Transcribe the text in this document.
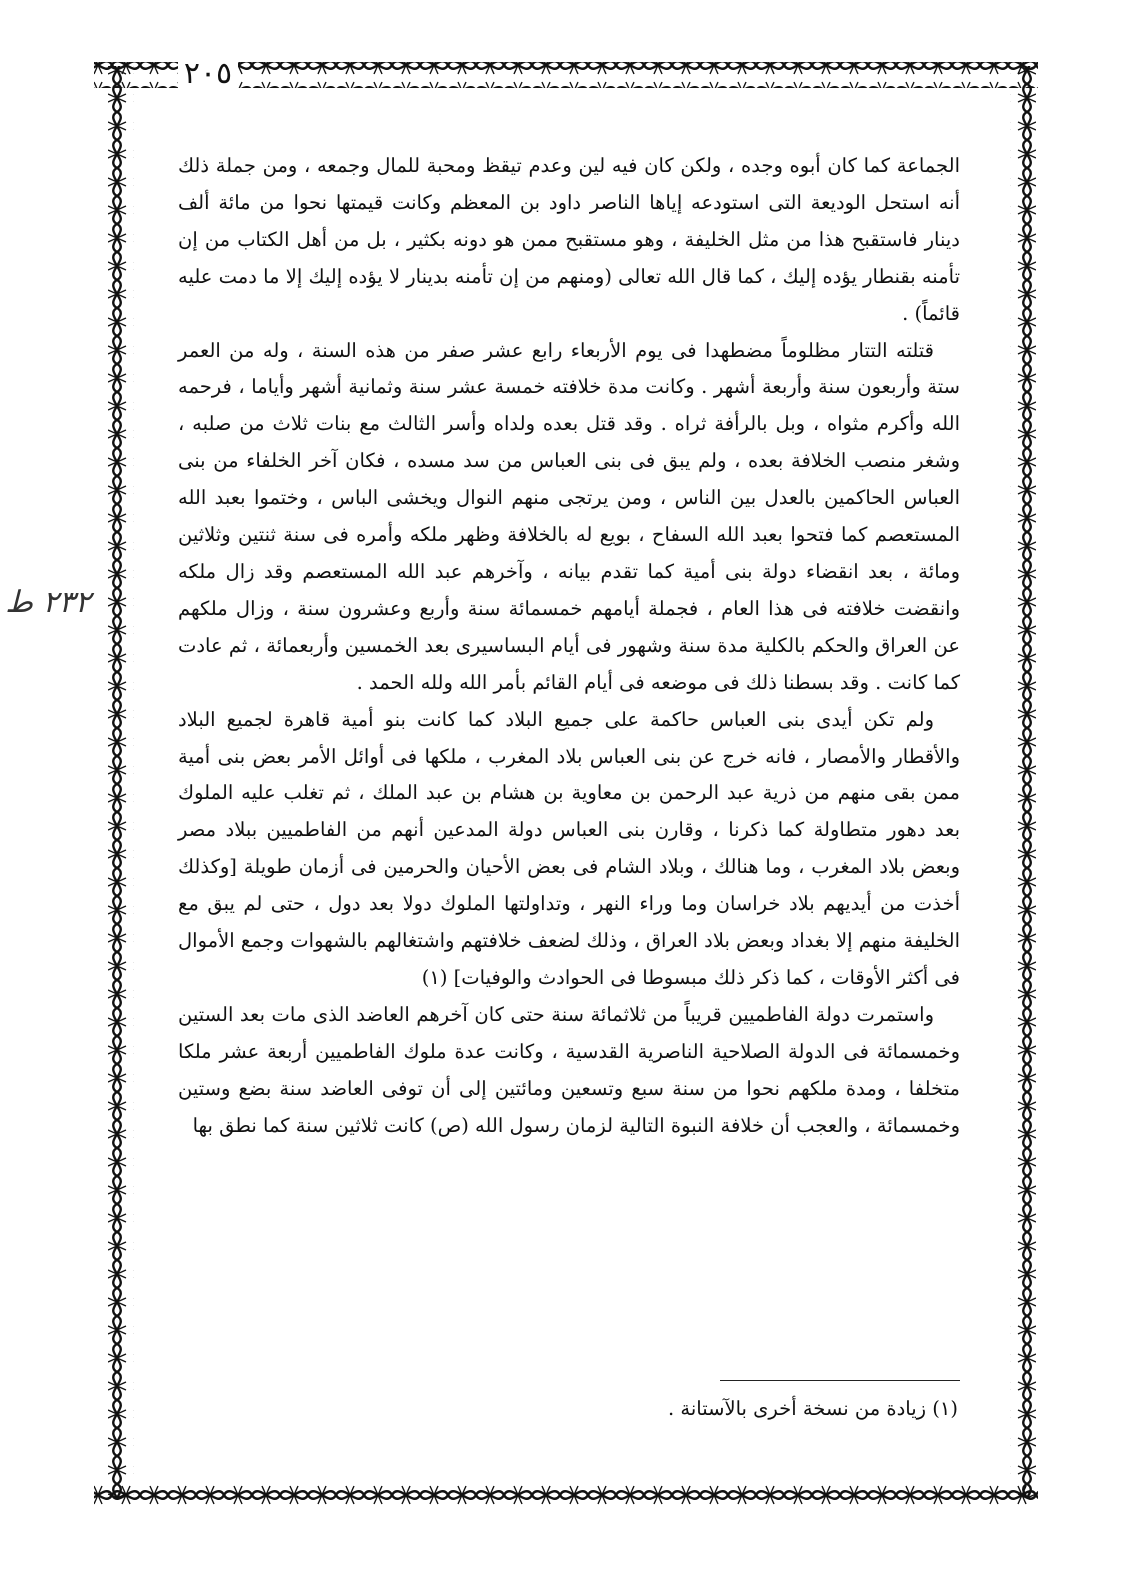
٢٠٥
٢٣٢ ط

الجماعة كما كان أبوه وجده ، ولكن كان فيه لين وعدم تيقظ ومحبة للمال وجمعه ، ومن جملة ذلك أنه استحل الوديعة التى استودعه إياها الناصر داود بن المعظم وكانت قيمتها نحوا من مائة ألف دينار فاستقبح هذا من مثل الخليفة ، وهو مستقبح ممن هو دونه بكثير ، بل من أهل الكتاب من إن تأمنه بقنطار يؤده إليك ، كما قال الله تعالى (ومنهم من إن تأمنه بدينار لا يؤده إليك إلا ما دمت عليه قائماً) .

قتلته التتار مظلوماً مضطهدا فى يوم الأربعاء رابع عشر صفر من هذه السنة ، وله من العمر ستة وأربعون سنة وأربعة أشهر . وكانت مدة خلافته خمسة عشر سنة وثمانية أشهر وأياما ، فرحمه الله وأكرم مثواه ، وبل بالرأفة ثراه . وقد قتل بعده ولداه وأسر الثالث مع بنات ثلاث من صلبه ، وشغر منصب الخلافة بعده ، ولم يبق فى بنى العباس من سد مسده ، فكان آخر الخلفاء من بنى العباس الحاكمين بالعدل بين الناس ، ومن يرتجى منهم النوال ويخشى الباس ، وختموا بعبد الله المستعصم كما فتحوا بعبد الله السفاح ، بويع له بالخلافة وظهر ملكه وأمره فى سنة ثنتين وثلاثين ومائة ، بعد انقضاء دولة بنى أمية كما تقدم بيانه ، وآخرهم عبد الله المستعصم وقد زال ملكه وانقضت خلافته فى هذا العام ، فجملة أيامهم خمسمائة سنة وأربع وعشرون سنة ، وزال ملكهم عن العراق والحكم بالكلية مدة سنة وشهور فى أيام البساسيرى بعد الخمسين وأربعمائة ، ثم عادت كما كانت . وقد بسطنا ذلك فى موضعه فى أيام القائم بأمر الله ولله الحمد .

ولم تكن أيدى بنى العباس حاكمة على جميع البلاد كما كانت بنو أمية قاهرة لجميع البلاد والأقطار والأمصار ، فانه خرج عن بنى العباس بلاد المغرب ، ملكها فى أوائل الأمر بعض بنى أمية ممن بقى منهم من ذرية عبد الرحمن بن معاوية بن هشام بن عبد الملك ، ثم تغلب عليه الملوك بعد دهور متطاولة كما ذكرنا ، وقارن بنى العباس دولة المدعين أنهم من الفاطميين ببلاد مصر وبعض بلاد المغرب ، وما هنالك ، وبلاد الشام فى بعض الأحيان والحرمين فى أزمان طويلة [وكذلك أخذت من أيديهم بلاد خراسان وما وراء النهر ، وتداولتها الملوك دولا بعد دول ، حتى لم يبق مع الخليفة منهم إلا بغداد وبعض بلاد العراق ، وذلك لضعف خلافتهم واشتغالهم بالشهوات وجمع الأموال فى أكثر الأوقات ، كما ذكر ذلك مبسوطا فى الحوادث والوفيات] (١)

واستمرت دولة الفاطميين قريباً من ثلاثمائة سنة حتى كان آخرهم العاضد الذى مات بعد الستين وخمسمائة فى الدولة الصلاحية الناصرية القدسية ، وكانت عدة ملوك الفاطميين أربعة عشر ملكا متخلفا ، ومدة ملكهم نحوا من سنة سبع وتسعين ومائتين إلى أن توفى العاضد سنة بضع وستين وخمسمائة ، والعجب أن خلافة النبوة التالية لزمان رسول الله (ص) كانت ثلاثين سنة كما نطق بها

(١) زيادة من نسخة أخرى بالآستانة .
